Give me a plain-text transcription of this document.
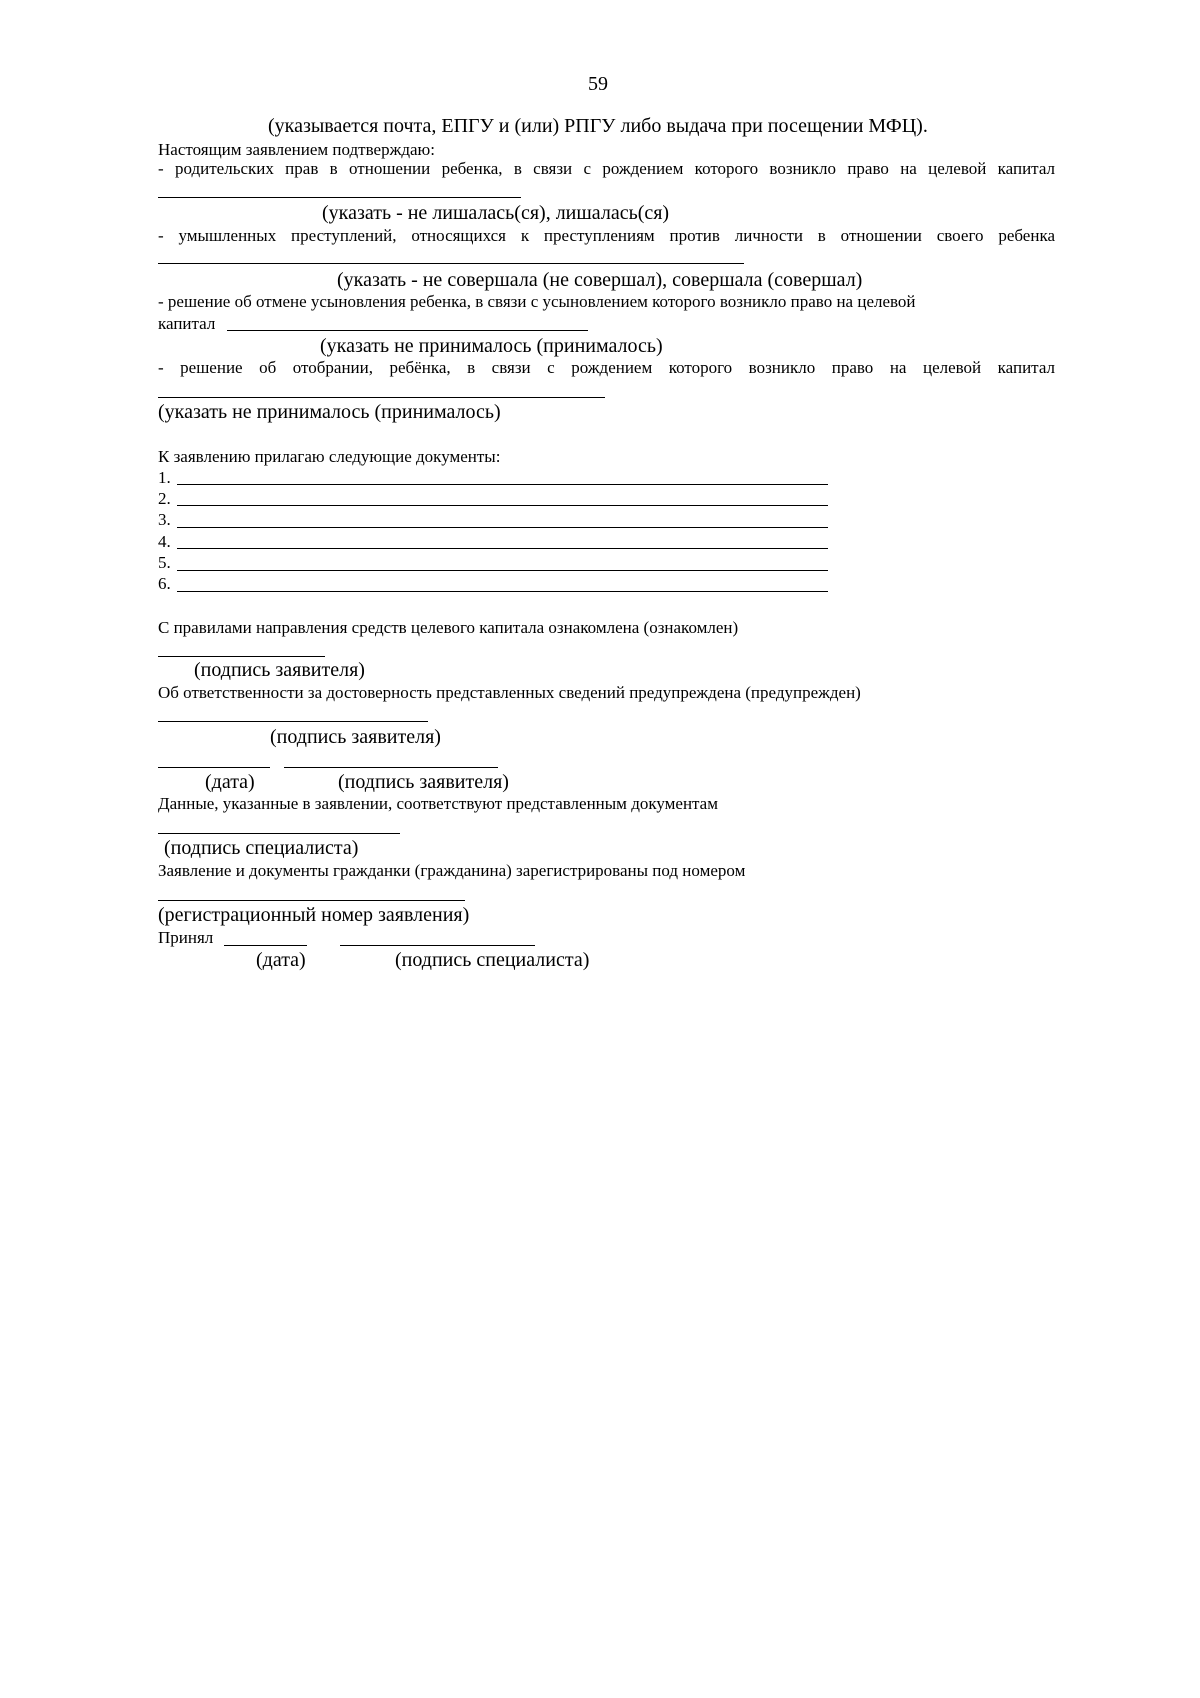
59
(указывается почта, ЕПГУ и (или) РПГУ либо выдача при посещении МФЦ).
Настоящим заявлением подтверждаю:
- родительских прав в отношении ребенка, в связи с рождением которого возникло право на целевой капитал
(указать - не лишалась(ся), лишалась(ся)
- умышленных преступлений, относящихся к преступлениям против личности в отношении своего ребенка
(указать - не совершала (не совершал), совершала (совершал)
- решение об отмене усыновления ребенка, в связи с усыновлением которого возникло право на целевой
капитал
(указать не принималось (принималось)
- решение об отобрании, ребёнка, в связи с рождением которого возникло право на целевой капитал
(указать не принималось (принималось)
К заявлению прилагаю следующие документы:
1.
2.
3.
4.
5.
6.
С правилами направления средств целевого капитала ознакомлена (ознакомлен)
(подпись заявителя)
Об ответственности за достоверность представленных сведений предупреждена (предупрежден)
(подпись заявителя)
(дата)	(подпись заявителя)
Данные, указанные в заявлении, соответствуют представленным документам
(подпись специалиста)
Заявление и документы гражданки (гражданина) зарегистрированы под номером
(регистрационный номер заявления)
Принял
(дата)	(подпись специалиста)
